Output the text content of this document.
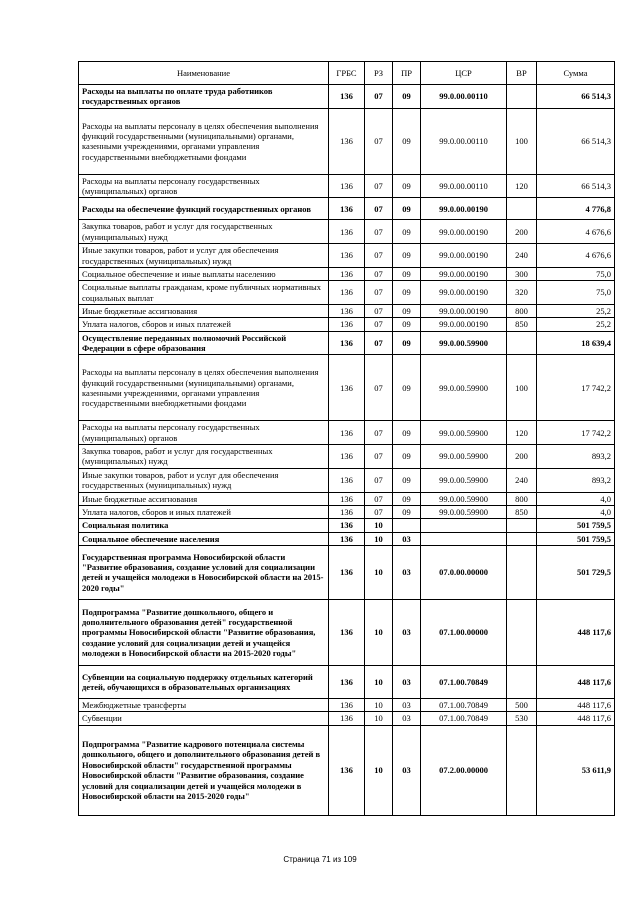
Наименование	ГРБС	РЗ	ПР	ЦСР	ВР	Сумма
Расходы на выплаты по оплате труда работников государственных органов	136	07	09	99.0.00.00110		66 514,3
Расходы на выплаты персоналу в целях обеспечения выполнения функций государственными (муниципальными) органами, казенными учреждениями, органами управления государственными внебюджетными фондами	136	07	09	99.0.00.00110	100	66 514,3
Расходы на выплаты персоналу государственных (муниципальных) органов	136	07	09	99.0.00.00110	120	66 514,3
Расходы на обеспечение функций государственных органов	136	07	09	99.0.00.00190		4 776,8
Закупка товаров, работ и услуг для государственных (муниципальных) нужд	136	07	09	99.0.00.00190	200	4 676,6
Иные закупки товаров, работ и услуг для обеспечения государственных (муниципальных) нужд	136	07	09	99.0.00.00190	240	4 676,6
Социальное обеспечение и иные выплаты населению	136	07	09	99.0.00.00190	300	75,0
Социальные выплаты гражданам, кроме публичных нормативных социальных выплат	136	07	09	99.0.00.00190	320	75,0
Иные бюджетные ассигнования	136	07	09	99.0.00.00190	800	25,2
Уплата налогов, сборов и иных платежей	136	07	09	99.0.00.00190	850	25,2
Осуществление переданных полномочий Российской Федерации в сфере образования	136	07	09	99.0.00.59900		18 639,4
Расходы на выплаты персоналу в целях обеспечения выполнения функций государственными (муниципальными) органами, казенными учреждениями, органами управления государственными внебюджетными фондами	136	07	09	99.0.00.59900	100	17 742,2
Расходы на выплаты персоналу государственных (муниципальных) органов	136	07	09	99.0.00.59900	120	17 742,2
Закупка товаров, работ и услуг для государственных (муниципальных) нужд	136	07	09	99.0.00.59900	200	893,2
Иные закупки товаров, работ и услуг для обеспечения государственных (муниципальных) нужд	136	07	09	99.0.00.59900	240	893,2
Иные бюджетные ассигнования	136	07	09	99.0.00.59900	800	4,0
Уплата налогов, сборов и иных платежей	136	07	09	99.0.00.59900	850	4,0
Социальная политика	136	10				501 759,5
Социальное обеспечение населения	136	10	03			501 759,5
Государственная программа Новосибирской области "Развитие образования, создание условий для социализации детей и учащейся молодежи в Новосибирской области на 2015-2020 годы"	136	10	03	07.0.00.00000		501 729,5
Подпрограмма "Развитие дошкольного, общего и дополнительного образования детей" государственной программы Новосибирской области "Развитие образования, создание условий для социализации детей и учащейся молодежи в Новосибирской области на 2015-2020 годы"	136	10	03	07.1.00.00000		448 117,6
Субвенции на социальную поддержку отдельных категорий детей, обучающихся в образовательных организациях	136	10	03	07.1.00.70849		448 117,6
Межбюджетные трансферты	136	10	03	07.1.00.70849	500	448 117,6
Субвенции	136	10	03	07.1.00.70849	530	448 117,6
Подпрограмма "Развитие кадрового потенциала системы дошкольного, общего и дополнительного образования детей в Новосибирской области" государственной программы Новосибирской области "Развитие образования, создание условий для социализации детей и учащейся молодежи в Новосибирской области на 2015-2020 годы"	136	10	03	07.2.00.00000		53 611,9
Страница 71 из 109
